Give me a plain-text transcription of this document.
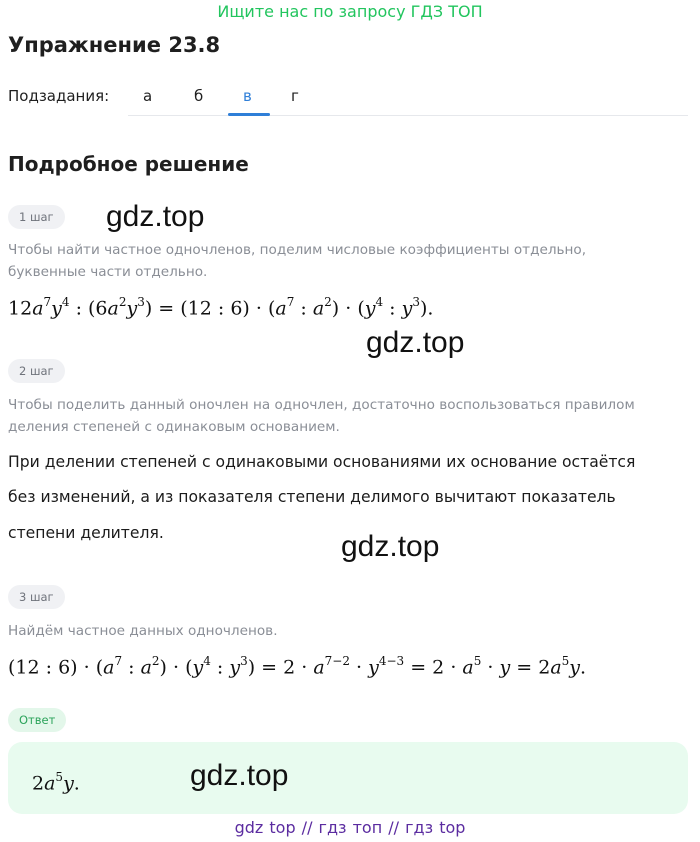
Ищите нас по запросу ГДЗ ТОП
Упражнение 23.8
Подзадания: а	б	в	г
Подробное решение
1 шаг	gdz.top
Чтобы найти частное одночленов, поделим числовые коэффициенты отдельно,
буквенные части отдельно.
$12a^7y^4$ : $(6a^2y^3) = (12$ : $6) \cdot (a^7$ : $a^2) \cdot (y^4$ : $y^3$).
gdz.top
2 шаг
Чтобы поделить данный оночлен на одночлен, достаточно воспользоваться правилом
деления степеней с одинаковым основанием.
При делении степеней с одинаковыми основаниями их основание остаётся
без изменений, а из показателя степени делимого вычитают показатель
степени делителя.	gdz.top
3 шаг
Найдём частное данных одночленов.
(12 : $6) \cdot (a^7$ : $a^2) \cdot (y^4$ : $y^3) = 2 \cdot a^{7-2} \cdot y^{4-3} = 2 \cdot a^5 \cdot y = 2a^5y$.
Ответ
$2a^5y$.	gdz.top
gdz top // гдз топ // гдз top
